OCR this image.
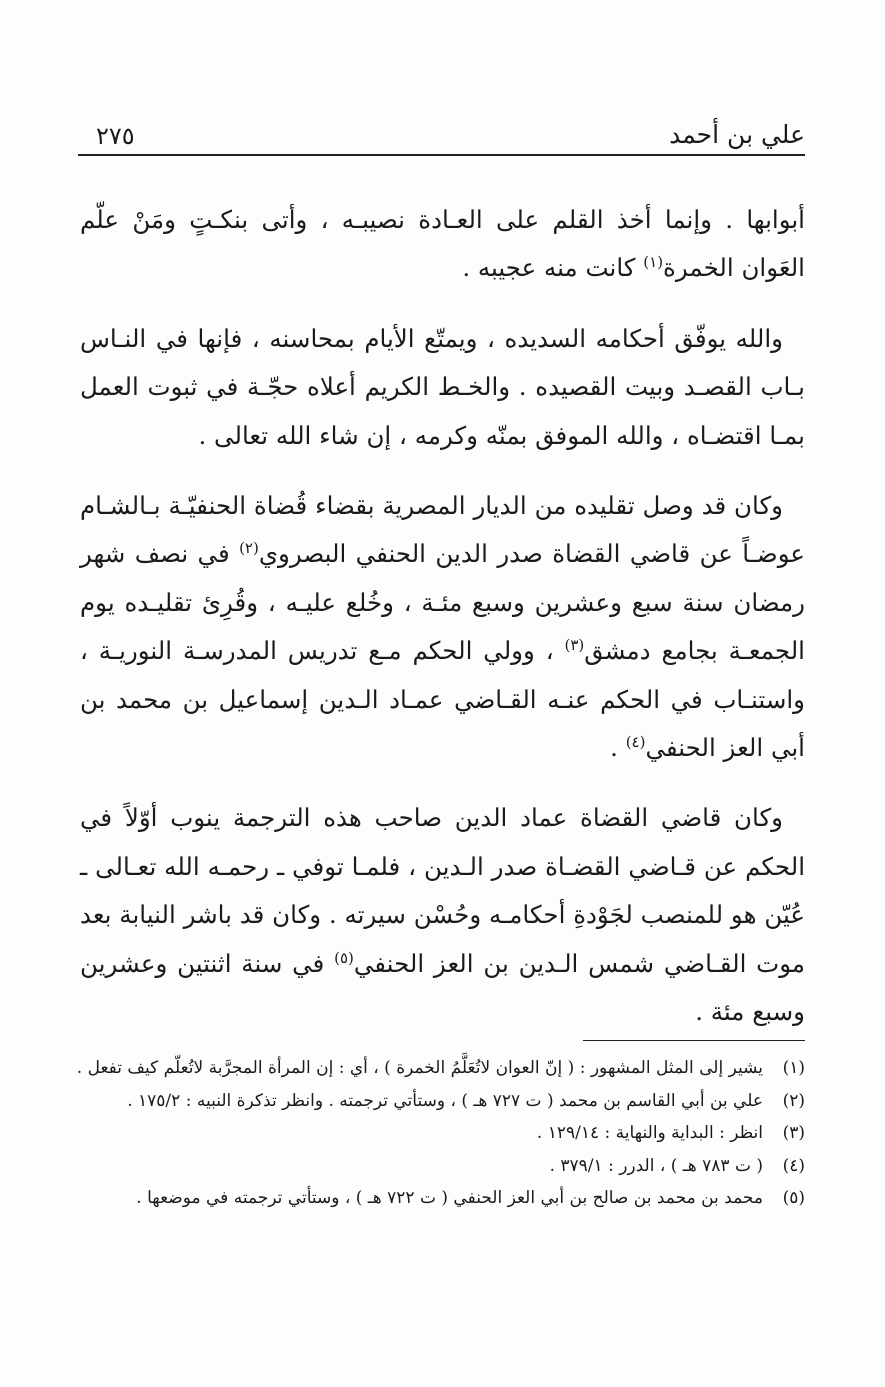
علي بن أحمد
٢٧٥

أبوابها . وإنما أخذ القلم على العـادة نصيبـه ، وأتى بنكـتٍ ومَنْ علّم العَوان الخمرة$^{(١)}$ كانت منه عجيبه .

والله يوفّق أحكامه السديده ، ويمتّع الأيام بمحاسنه ، فإنها في النـاس بـاب القصـد وبيت القصيده . والخـط الكريم أعلاه حجّـة في ثبوت العمل بمـا اقتضـاه ، والله الموفق بمنّه وكرمه ، إن شاء الله تعالى .

وكان قد وصل تقليده من الديار المصرية بقضاء قُضاة الحنفيّـة بـالشـام عوضـاً عن قاضي القضاة صدر الدين الحنفي البصروي$^{(٢)}$ في نصف شهر رمضان سنة سبع وعشرين وسبع مئـة ، وخُلع عليـه ، وقُرِئ تقليـده يوم الجمعـة بجامع دمشق$^{(٣)}$ ، وولي الحكم مـع تدريس المدرسـة النوريـة ، واستنـاب في الحكم عنـه القـاضي عمـاد الـدين إسماعيل بن محمد بن أبي العز الحنفي$^{(٤)}$ .

وكان قاضي القضاة عماد الدين صاحب هذه الترجمة ينوب أوّلاً في الحكم عن قـاضي القضـاة صدر الـدين ، فلمـا توفي ـ رحمـه الله تعـالى ـ عُيّن هو للمنصب لجَوْدةِ أحكامـه وحُسْن سيرته . وكان قد باشر النيابة بعد موت القـاضي شمس الـدين بن العز الحنفي$^{(٥)}$ في سنة اثنتين وعشرين وسبع مئة .

(١)
يشير إلى المثل المشهور : ( إنّ العوان لاتُعَلَّمُ الخمرة ) ، أي : إن المرأة المجرَّبة لاتُعلّم كيف تفعل .
(٢)
علي بن أبي القاسم بن محمد ( ت ٧٢٧ هـ ) ، وستأتي ترجمته . وانظر تذكرة النبيه : ١٧٥/٢ .
(٣)
انظر : البداية والنهاية : ١٢٩/١٤ .
(٤)
( ت ٧٨٣ هـ ) ، الدرر : ٣٧٩/١ .
(٥)
محمد بن محمد بن صالح بن أبي العز الحنفي ( ت ٧٢٢ هـ ) ، وستأتي ترجمته في موضعها .
